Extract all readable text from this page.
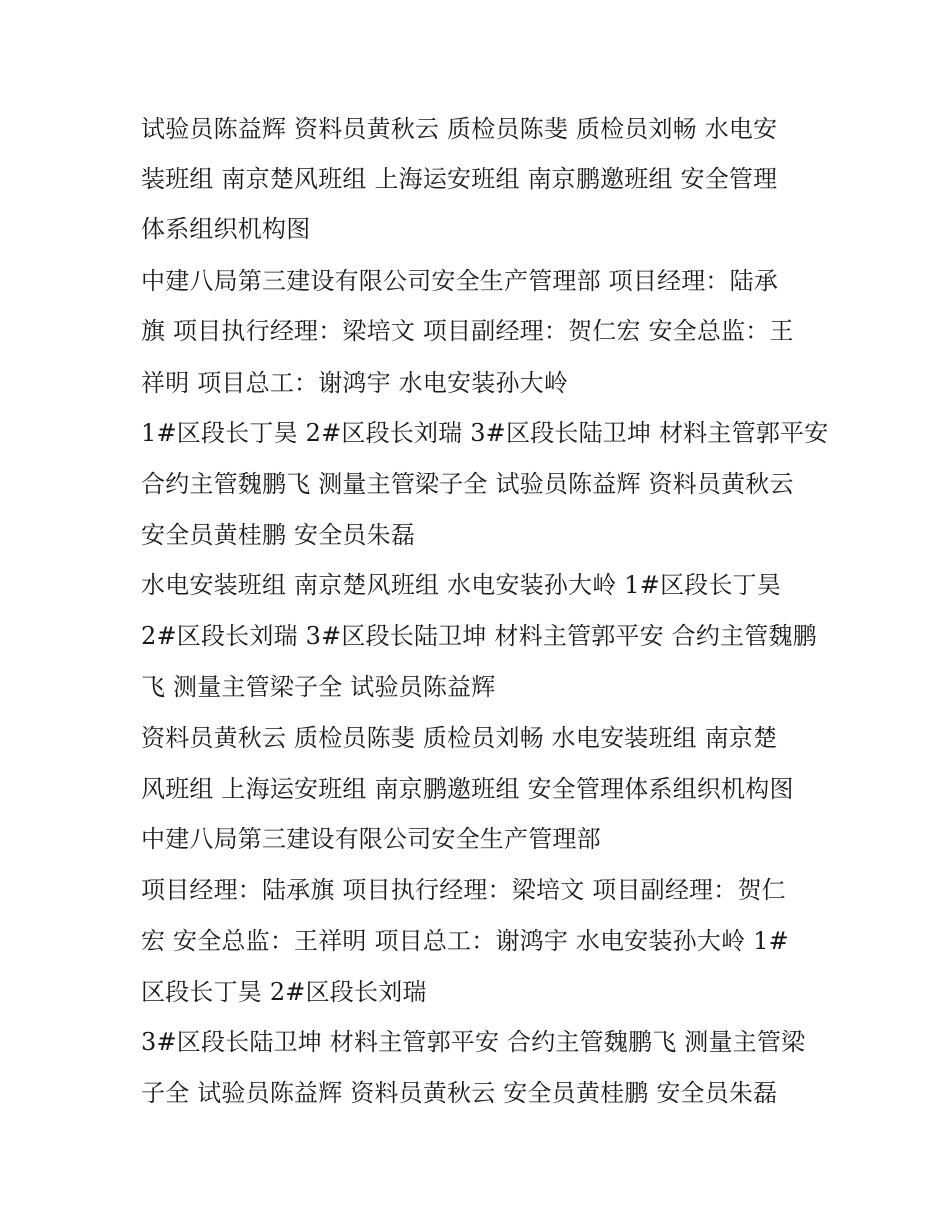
试验员陈益辉 资料员黄秋云 质检员陈斐 质检员刘畅 水电安
装班组 南京楚风班组 上海运安班组 南京鹏邀班组 安全管理
体系组织机构图
中建八局第三建设有限公司安全生产管理部 项目经理：陆承
旗 项目执行经理：梁培文 项目副经理：贺仁宏 安全总监：王
祥明 项目总工：谢鸿宇 水电安装孙大岭
1#区段长丁昊 2#区段长刘瑞 3#区段长陆卫坤 材料主管郭平安
合约主管魏鹏飞 测量主管梁子全 试验员陈益辉 资料员黄秋云
安全员黄桂鹏 安全员朱磊
水电安装班组 南京楚风班组 水电安装孙大岭 1#区段长丁昊
2#区段长刘瑞 3#区段长陆卫坤 材料主管郭平安 合约主管魏鹏
飞 测量主管梁子全 试验员陈益辉
资料员黄秋云 质检员陈斐 质检员刘畅 水电安装班组 南京楚
风班组 上海运安班组 南京鹏邀班组 安全管理体系组织机构图
中建八局第三建设有限公司安全生产管理部
项目经理：陆承旗 项目执行经理：梁培文 项目副经理：贺仁
宏 安全总监：王祥明 项目总工：谢鸿宇 水电安装孙大岭 1#
区段长丁昊 2#区段长刘瑞
3#区段长陆卫坤 材料主管郭平安 合约主管魏鹏飞 测量主管梁
子全 试验员陈益辉 资料员黄秋云 安全员黄桂鹏 安全员朱磊
